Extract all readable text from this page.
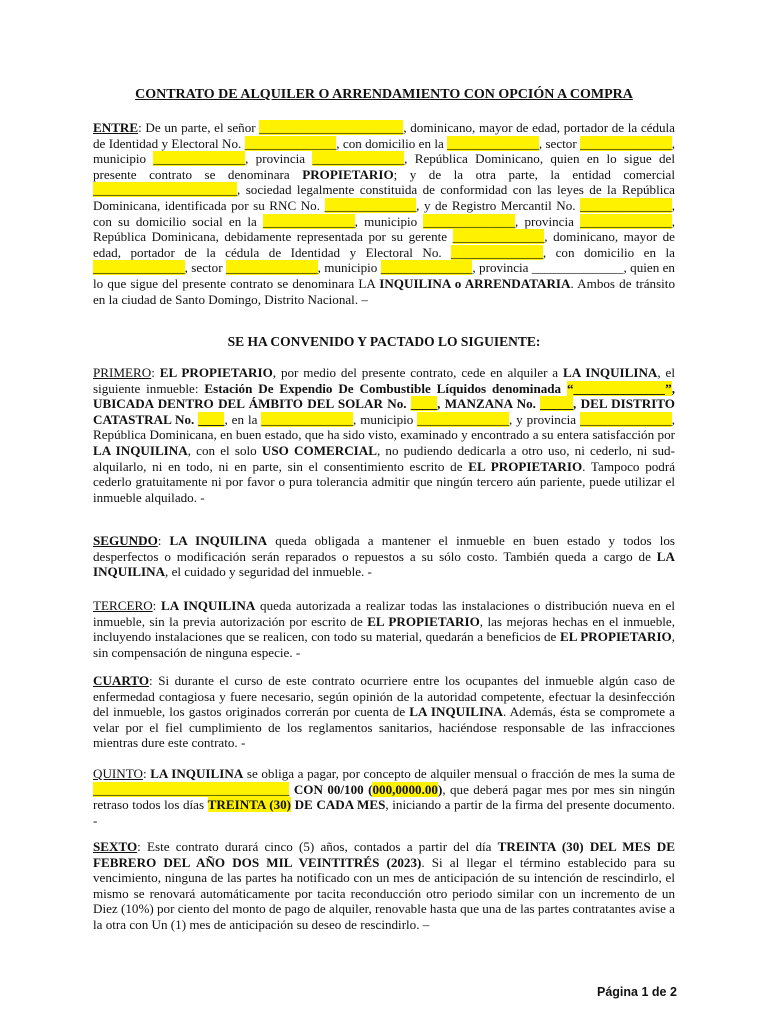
CONTRATO DE ALQUILER O ARRENDAMIENTO CON OPCIÓN A COMPRA
ENTRE: De un parte, el señor ______________________, dominicano, mayor de edad, portador de la cédula de Identidad y Electoral No. ______________, con domicilio en la ______________, sector ______________, municipio ______________, provincia ______________, República Dominicano, quien en lo sigue del presente contrato se denominara PROPIETARIO; y de la otra parte, la entidad comercial ______________________, sociedad legalmente constituida de conformidad con las leyes de la República Dominicana, identificada por su RNC No. ______________, y de Registro Mercantil No. ______________, con su domicilio social en la ______________, municipio ______________, provincia ______________, República Dominicana, debidamente representada por su gerente ______________, dominicano, mayor de edad, portador de la cédula de Identidad y Electoral No. ______________, con domicilio en la ______________, sector ______________, municipio ______________, provincia ______________, quien en lo que sigue del presente contrato se denominara LA INQUILINA o ARRENDATARIA. Ambos de tránsito en la ciudad de Santo Domingo, Distrito Nacional. –
SE HA CONVENIDO Y PACTADO LO SIGUIENTE:
PRIMERO: EL PROPIETARIO, por medio del presente contrato, cede en alquiler a LA INQUILINA, el siguiente inmueble: Estación De Expendio De Combustible Líquidos denominada “______________”, UBICADA DENTRO DEL ÁMBITO DEL SOLAR No. ____, MANZANA No. _____, DEL DISTRITO CATASTRAL No. ____, en la ______________, municipio ______________, y provincia ______________, República Dominicana, en buen estado, que ha sido visto, examinado y encontrado a su entera satisfacción por LA INQUILINA, con el solo USO COMERCIAL, no pudiendo dedicarla a otro uso, ni cederlo, ni sud-alquilarlo, ni en todo, ni en parte, sin el consentimiento escrito de EL PROPIETARIO. Tampoco podrá cederlo gratuitamente ni por favor o pura tolerancia admitir que ningún tercero aún pariente, puede utilizar el inmueble alquilado. -
SEGUNDO: LA INQUILINA queda obligada a mantener el inmueble en buen estado y todos los desperfectos o modificación serán reparados o repuestos a su sólo costo. También queda a cargo de LA INQUILINA, el cuidado y seguridad del inmueble. -
TERCERO: LA INQUILINA queda autorizada a realizar todas las instalaciones o distribución nueva en el inmueble, sin la previa autorización por escrito de EL PROPIETARIO, las mejoras hechas en el inmueble, incluyendo instalaciones que se realicen, con todo su material, quedarán a beneficios de EL PROPIETARIO, sin compensación de ninguna especie. -
CUARTO: Si durante el curso de este contrato ocurriere entre los ocupantes del inmueble algún caso de enfermedad contagiosa y fuere necesario, según opinión de la autoridad competente, efectuar la desinfección del inmueble, los gastos originados correrán por cuenta de LA INQUILINA. Además, ésta se compromete a velar por el fiel cumplimiento de los reglamentos sanitarios, haciéndose responsable de las infracciones mientras dure este contrato. -
QUINTO: LA INQUILINA se obliga a pagar, por concepto de alquiler mensual o fracción de mes la suma de ______________________________ CON 00/100 (000,0000.00), que deberá pagar mes por mes sin ningún retraso todos los días TREINTA (30) DE CADA MES, iniciando a partir de la firma del presente documento. -
SEXTO: Este contrato durará cinco (5) años, contados a partir del día TREINTA (30) DEL MES DE FEBRERO DEL AÑO DOS MIL VEINTITRÉS (2023). Si al llegar el término establecido para su vencimiento, ninguna de las partes ha notificado con un mes de anticipación de su intención de rescindirlo, el mismo se renovará automáticamente por tacita reconducción otro periodo similar con un incremento de un Diez (10%) por ciento del monto de pago de alquiler, renovable hasta que una de las partes contratantes avise a la otra con Un (1) mes de anticipación su deseo de rescindirlo. –
Página 1 de 2
